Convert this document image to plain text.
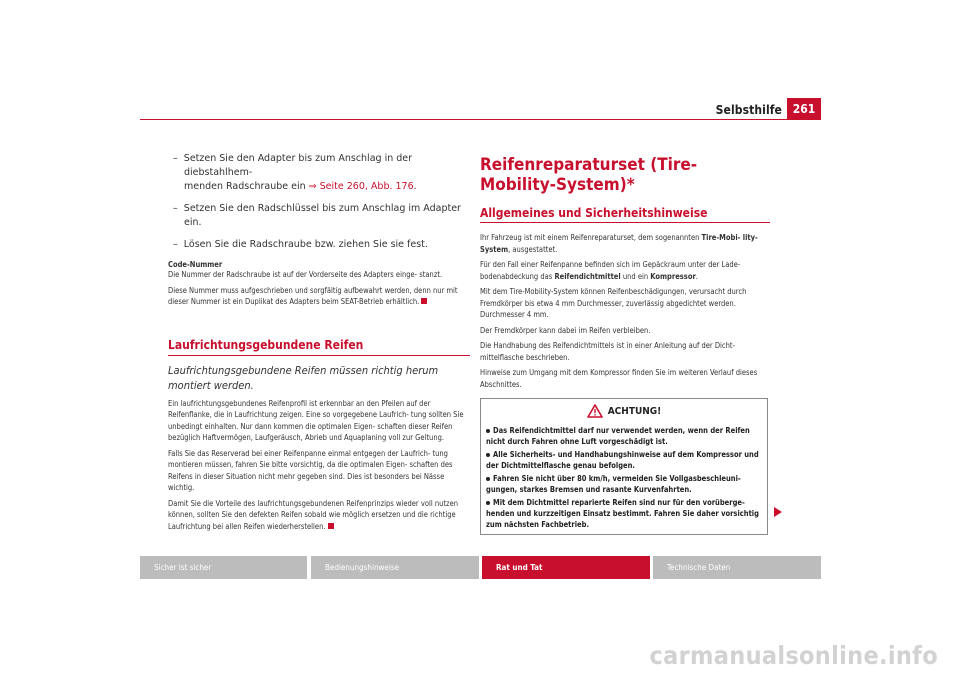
Selbsthilfe 261
– Setzen Sie den Adapter bis zum Anschlag in der diebstahlhem-
menden Radschraube ein ⇒ Seite 260, Abb. 176.
– Setzen Sie den Radschlüssel bis zum Anschlag im Adapter ein.
– Lösen Sie die Radschraube bzw. ziehen Sie sie fest.
Code-Nummer

Die Nummer der Radschraube ist auf der Vorderseite des Adapters einge- stanzt.

Diese Nummer muss aufgeschrieben und sorgfältig aufbewahrt werden, denn nur mit dieser Nummer ist ein Duplikat des Adapters beim SEAT-Betrieb erhältlich.

Laufrichtungsgebundene Reifen
Laufrichtungsgebundene Reifen müssen richtig herum montiert werden.

Ein laufrichtungsgebundenes Reifenprofil ist erkennbar an den Pfeilen auf der Reifenflanke, die in Laufrichtung zeigen. Eine so vorgegebene Laufrich- tung sollten Sie unbedingt einhalten. Nur dann kommen die optimalen Eigen- schaften dieser Reifen bezüglich Haftvermögen, Laufgeräusch, Abrieb und Aquaplaning voll zur Geltung.

Falls Sie das Reserverad bei einer Reifenpanne einmal entgegen der Laufrich- tung montieren müssen, fahren Sie bitte vorsichtig, da die optimalen Eigen- schaften des Reifens in dieser Situation nicht mehr gegeben sind. Dies ist besonders bei Nässe wichtig.

Damit Sie die Vorteile des laufrichtungsgebundenen Reifenprinzips wieder voll nutzen können, sollten Sie den defekten Reifen sobald wie möglich ersetzen und die richtige Laufrichtung bei allen Reifen wiederherstellen.

Reifenreparaturset (Tire-Mobility-System)*
Allgemeines und Sicherheitshinweise

Ihr Fahrzeug ist mit einem Reifenreparaturset, dem sogenannten Tire-Mobi- lity-System, ausgestattet.

Für den Fall einer Reifenpanne befinden sich im Gepäckraum unter der Lade- bodenabdeckung das Reifendichtmittel und ein Kompressor.

Mit dem Tire-Mobility-System können Reifenbeschädigungen, verursacht durch Fremdkörper bis etwa 4 mm Durchmesser, zuverlässig abgedichtet werden. Durchmesser 4 mm.

Der Fremdkörper kann dabei im Reifen verbleiben.

Die Handhabung des Reifendichtmittels ist in einer Anleitung auf der Dicht- mittelflasche beschrieben.

Hinweise zum Umgang mit dem Kompressor finden Sie im weiteren Verlauf dieses Abschnittes.

ACHTUNG!
Das Reifendichtmittel darf nur verwendet werden, wenn der Reifen nicht durch Fahren ohne Luft vorgeschädigt ist.
Alle Sicherheits- und Handhabungshinweise auf dem Kompressor und der Dichtmittelflasche genau befolgen.
Fahren Sie nicht über 80 km/h, vermeiden Sie Vollgasbeschleuni- gungen, starkes Bremsen und rasante Kurvenfahrten.
Mit dem Dichtmittel reparierte Reifen sind nur für den vorüberge- henden und kurzzeitigen Einsatz bestimmt. Fahren Sie daher vorsichtig zum nächsten Fachbetrieb.
Sicher ist sicher	Bedienungshinweise	Rat und Tat	Technische Daten
carmanualsonline.info
